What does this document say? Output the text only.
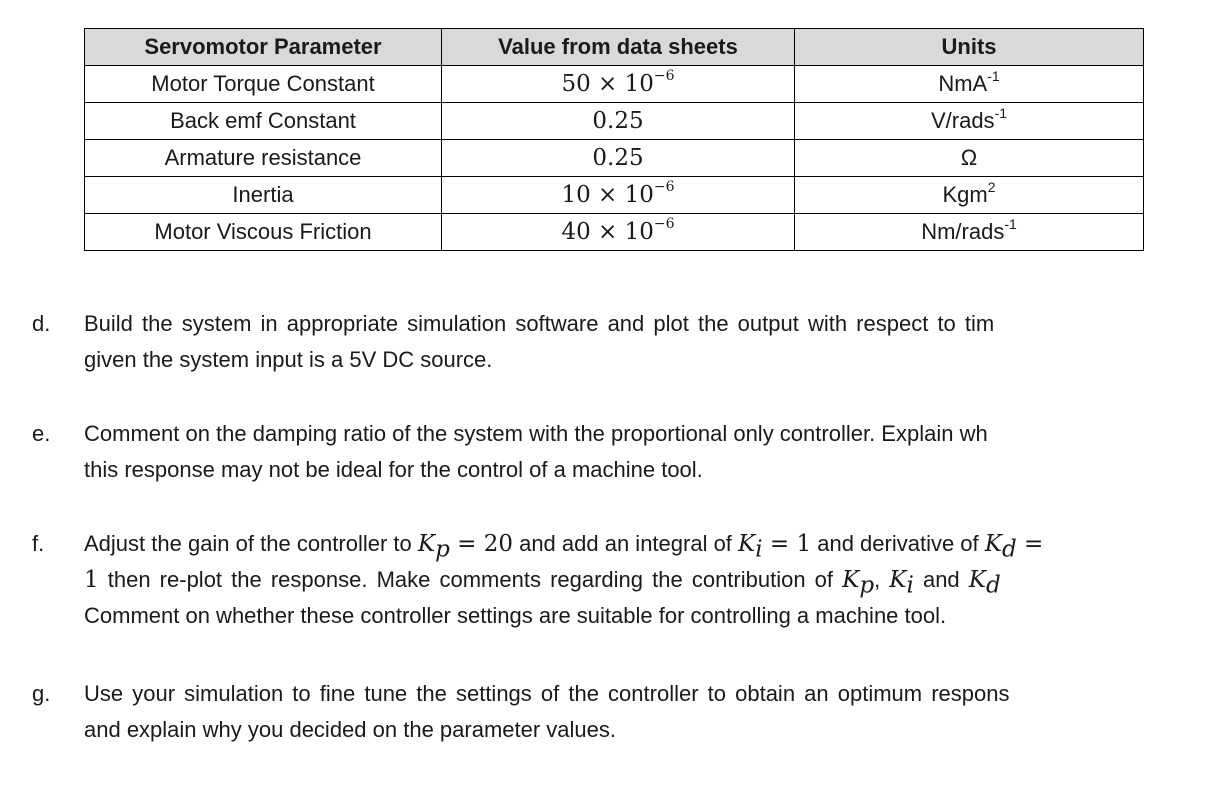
Servomotor Parameter	Value from data sheets	Units
Motor Torque Constant	$50 \times 10^{-6}$	NmA$^{-1}$
Back emf Constant	0.25	V/rads$^{-1}$
Armature resistance	0.25	Ω
Inertia	$10 \times 10^{-6}$	Kgm$^2$
Motor Viscous Friction	$40 \times 10^{-6}$	Nm/rads$^{-1}$
d.	Build the system in appropriate simulation software and plot the output with respect to tim
given the system input is a 5V DC source.
e.	Comment on the damping ratio of the system with the proportional only controller. Explain wh
this response may not be ideal for the control of a machine tool.
f.	Adjust the gain of the controller to $K_p = 20$ and add an integral of $K_i = 1$ and derivative of $K_d$ =
1 then re-plot the response. Make comments regarding the contribution of $K_p$, $K_i$ and $K_d$
Comment on whether these controller settings are suitable for controlling a machine tool.
g.	Use your simulation to fine tune the settings of the controller to obtain an optimum respons
and explain why you decided on the parameter values.
